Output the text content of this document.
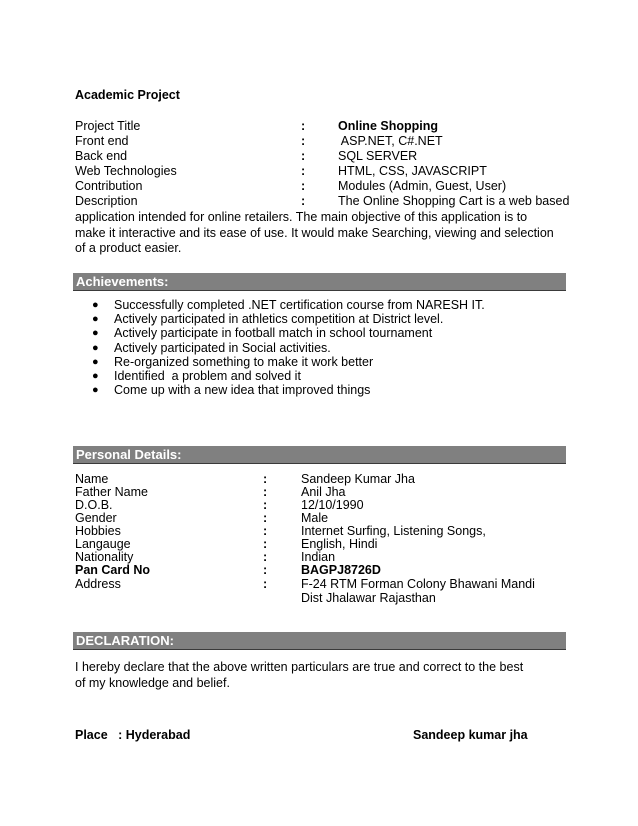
Academic Project
Project Title	:	Online Shopping
Front end	:	ASP.NET, C#.NET
Back end	:	SQL SERVER
Web Technologies	:	HTML, CSS, JAVASCRIPT
Contribution	:	Modules (Admin, Guest, User)
Description	:	The Online Shopping Cart is a web based
application intended for online retailers. The main objective of this application is to make it interactive and its ease of use. It would make Searching, viewing and selection of a product easier.
Achievements:
● Successfully completed .NET certification course from NARESH IT.
● Actively participated in athletics competition at District level.
● Actively participate in football match in school tournament
● Actively participated in Social activities.
● Re-organized something to make it work better
● Identified  a problem and solved it
● Come up with a new idea that improved things
Personal Details:
Name	:	Sandeep Kumar Jha
Father Name	:	Anil Jha
D.O.B.	:	12/10/1990
Gender	:	Male
Hobbies	:	Internet Surfing, Listening Songs,
Langauge	:	English, Hindi
Nationality	:	Indian
Pan Card No	:	BAGPJ8726D
Address	:	F-24 RTM Forman Colony Bhawani Mandi
Dist Jhalawar Rajasthan
DECLARATION:
I hereby declare that the above written particulars are true and correct to the best of my knowledge and belief.
Place   : Hyderabad	Sandeep kumar jha
